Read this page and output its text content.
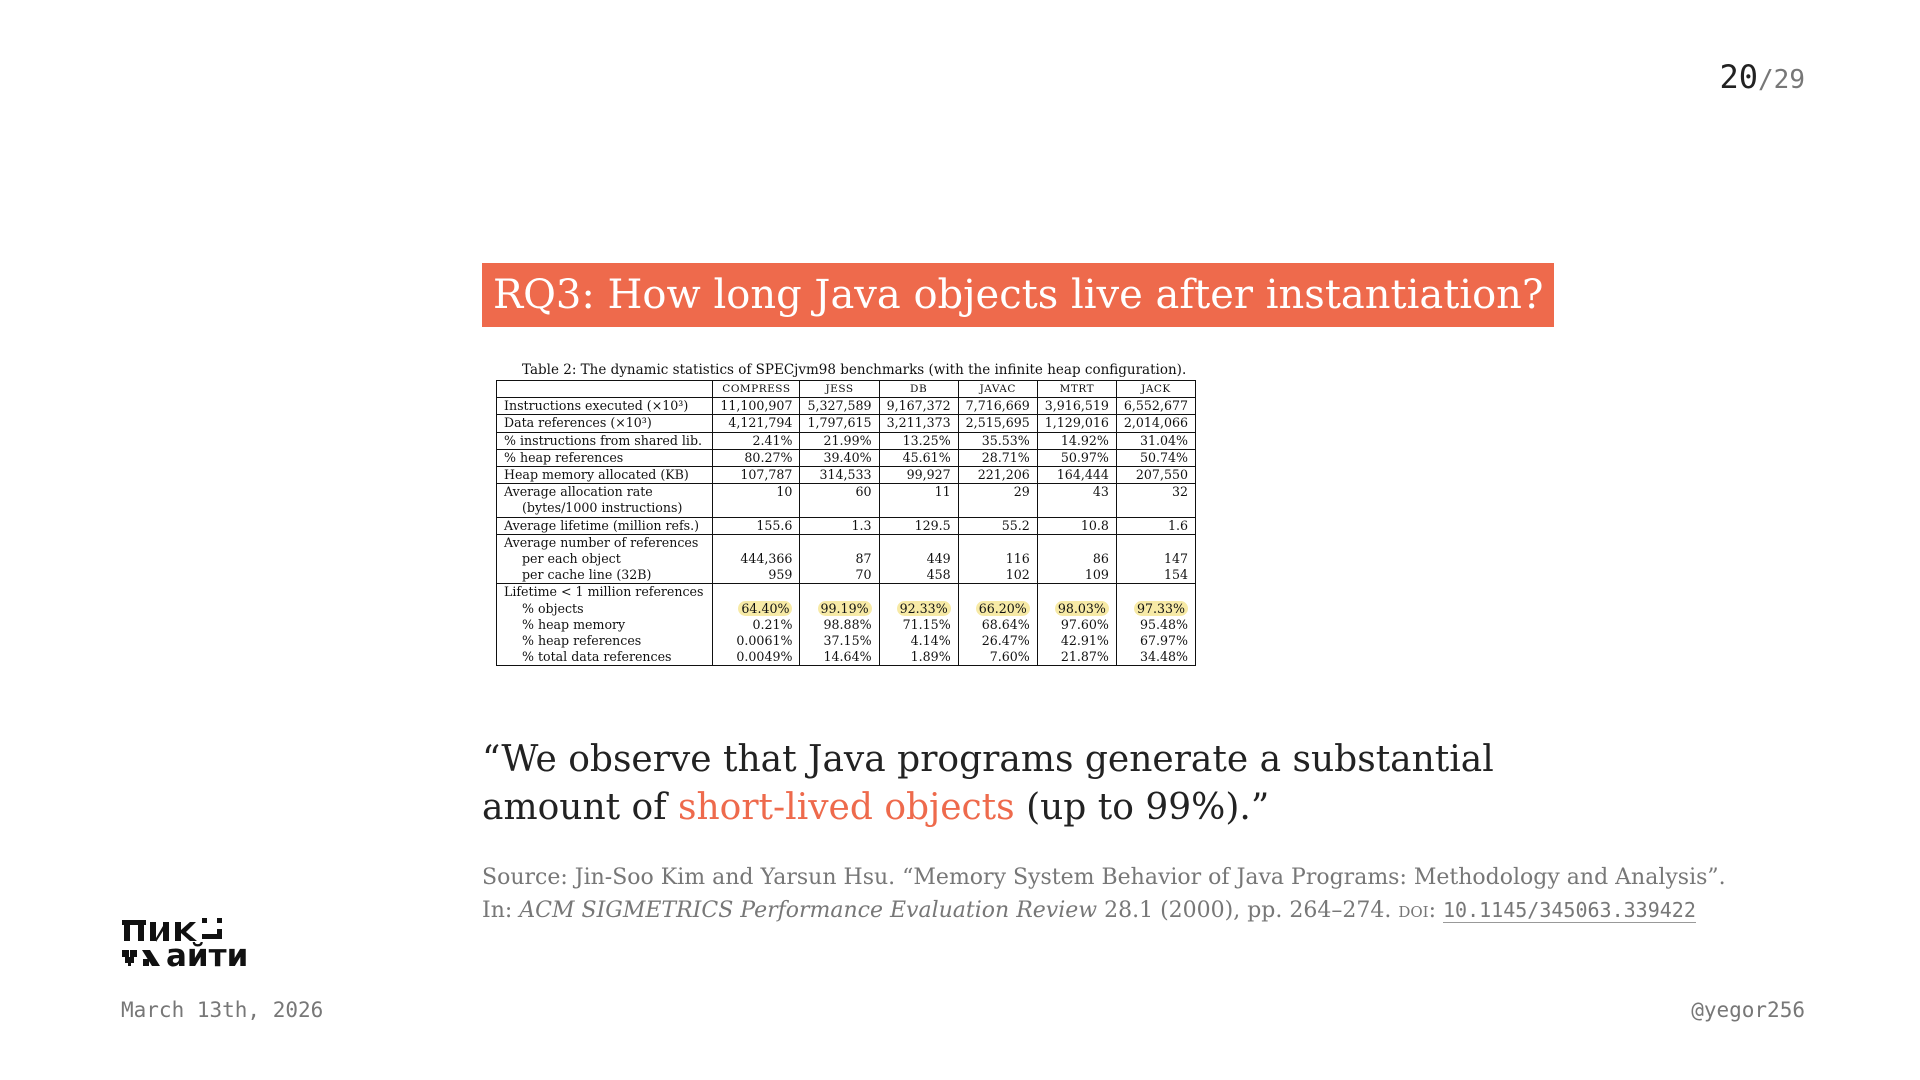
20/29
RQ3: How long Java objects live after instantiation?
Table 2: The dynamic statistics of SPECjvm98 benchmarks (with the infinite heap configuration).
	COMPRESS	JESS	DB	JAVAC	MTRT	JACK
Instructions executed (×10³)	11,100,907	5,327,589	9,167,372	7,716,669	3,916,519	6,552,677
Data references (×10³)	4,121,794	1,797,615	3,211,373	2,515,695	1,129,016	2,014,066
% instructions from shared lib.	2.41%	21.99%	13.25%	35.53%	14.92%	31.04%
% heap references	80.27%	39.40%	45.61%	28.71%	50.97%	50.74%
Heap memory allocated (KB)	107,787	314,533	99,927	221,206	164,444	207,550
Average allocation rate	10	60	11	29	43	32
(bytes/1000 instructions)						
Average lifetime (million refs.)	155.6	1.3	129.5	55.2	10.8	1.6
Average number of references						
per each object	444,366	87	449	116	86	147
per cache line (32B)	959	70	458	102	109	154
Lifetime < 1 million references						
% objects	64.40%	99.19%	92.33%	66.20%	98.03%	97.33%
% heap memory	0.21%	98.88%	71.15%	68.64%	97.60%	95.48%
% heap references	0.0061%	37.15%	4.14%	26.47%	42.91%	67.97%
% total data references	0.0049%	14.64%	1.89%	7.60%	21.87%	34.48%
“We observe that Java programs generate a substantial amount of short-lived objects (up to 99%).”
Source: Jin-Soo Kim and Yarsun Hsu. “Memory System Behavior of Java Programs: Methodology and Analysis”.
In: ACM SIGMETRICS Performance Evaluation Review 28.1 (2000), pp. 264–274. doi: 10.1145/345063.339422
айти
March 13th, 2026	@yegor256
